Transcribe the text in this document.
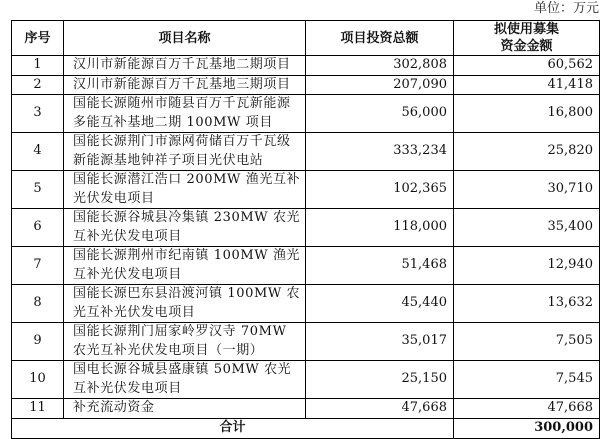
单位：万元
序号	项目名称	项目投资总额	拟使用募集
资金金额

1	汉川市新能源百万千瓦基地二期项目	302,808	60,562
2	汉川市新能源百万千瓦基地三期项目	207,090	41,418
3	国能长源随州市随县百万千瓦新能源多能互补基地二期 100MW 项目	56,000	16,800
4	国能长源荆门市源网荷储百万千瓦级新能源基地钟祥子项目光伏电站	333,234	25,820
5	国能长源潜江浩口 200MW 渔光互补光伏发电项目	102,365	30,710
6	国能长源谷城县冷集镇 230MW 农光互补光伏发电项目	118,000	35,400
7	国能长源荆州市纪南镇 100MW 渔光互补光伏发电项目	51,468	12,940
8	国能长源巴东县沿渡河镇 100MW 农光互补光伏发电项目	45,440	13,632
9	国能长源荆门屈家岭罗汉寺 70MW 农光互补光伏发电项目（一期）	35,017	7,505
10	国电长源谷城县盛康镇 50MW 农光互补光伏发电项目	25,150	7,545
11	补充流动资金	47,668	47,668
合计			300,000
